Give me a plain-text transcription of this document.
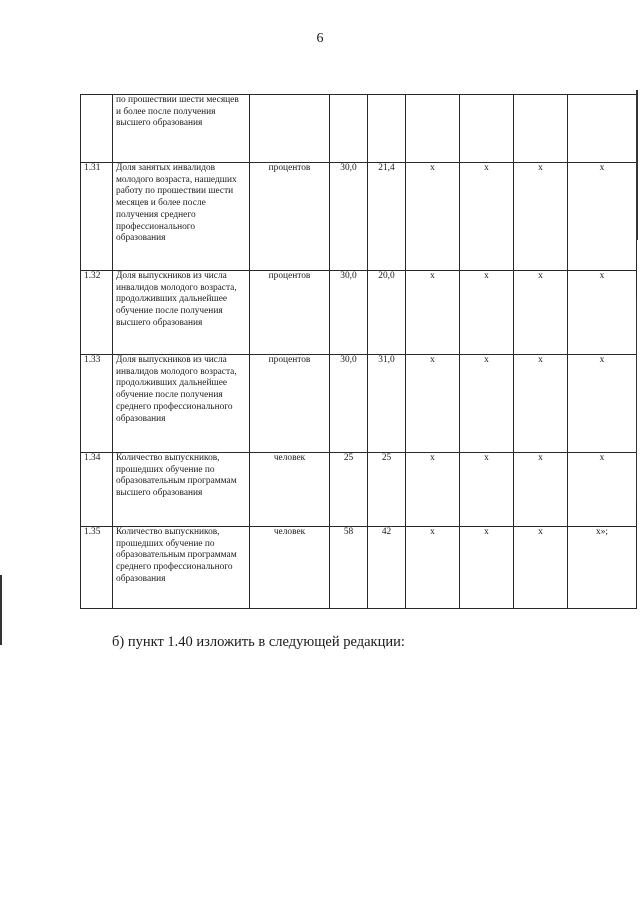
6
	по прошествии шести месяцев и более после получения высшего образования							
1.31	Доля занятых инвалидов молодого возраста, нашедших работу по прошествии шести месяцев и более после получения среднего профессионального образования	процентов	30,0	21,4	x	x	x	x
1.32	Доля выпускников из числа инвалидов молодого возраста, продолживших дальнейшее обучение после получения высшего образования	процентов	30,0	20,0	x	x	x	x
1.33	Доля выпускников из числа инвалидов молодого возраста, продолживших дальнейшее обучение после получения среднего профессионального образования	процентов	30,0	31,0	x	x	x	x
1.34	Количество выпускников, прошедших обучение по образовательным программам высшего образования	человек	25	25	x	x	x	x
1.35	Количество выпускников, прошедших обучение по образовательным программам среднего профессионального образования	человек	58	42	x	x	x	x»;
б) пункт 1.40 изложить в следующей редакции:
